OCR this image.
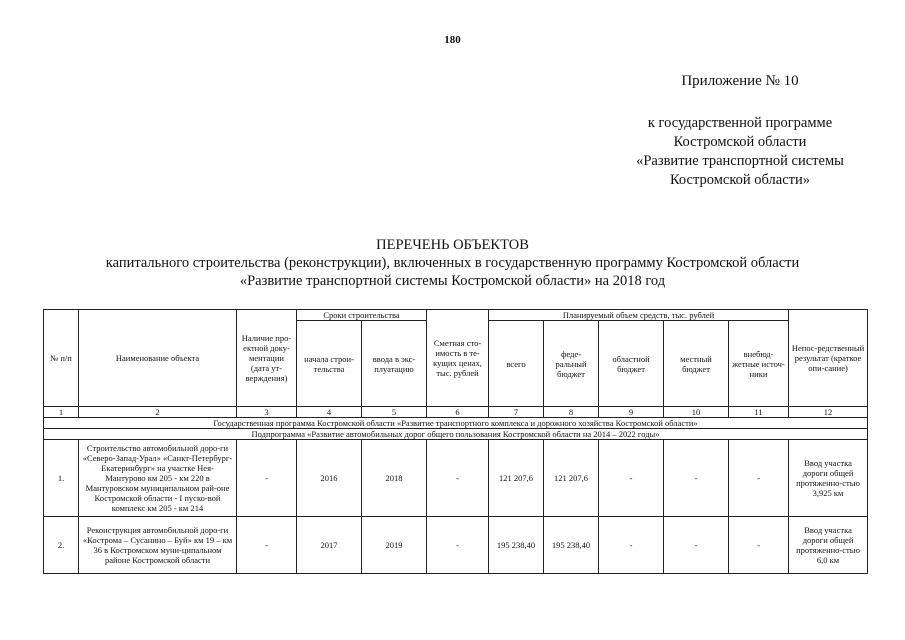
180
Приложение № 10
к государственной программе
Костромской области
«Развитие транспортной системы
Костромской области»
ПЕРЕЧЕНЬ ОБЪЕКТОВ
капитального строительства (реконструкции), включенных в государственную программу Костромской области
«Развитие транспортной системы Костромской области» на 2018 год
№ п/п	Наименование объекта	Наличие про-ектной доку-ментации (дата ут-верждения)	Сроки строительства		Сметная сто-имость в те-кущих ценах, тыс. рублей	Планируемый объем средств, тыс. рублей					Непос-редственный результат (краткое опи-сание)
			начала строи-тельства	ввода в экс-плуатацию		всего	феде-ральный бюджет	областной бюджет	местный бюджет	внебюд-жетные источ-ники	
1	2	3	4	5	6	7	8	9	10	11	12
Государственная программа Костромской области «Развитие транспортного комплекса и дорожного хозяйства Костромской области»											
Подпрограмма «Развитие автомобильных дорог общего пользования Костромской области на 2014 – 2022 годы»											
1.	Строительство автомобильной доро-ги «Северо-Запад-Урал» «Санкт-Петербург-Екатеринбург» на участке Нея-Мантурово км 205 - км 220 в Мантуровском муниципальном рай-оне Костромской области - I пуско-вой комплекс км 205 - км 214	-	2016	2018	-	121 207,6	121 207,6	-	-	-	Ввод участка дороги общей протяженно-стью 3,925 км
2.	Реконструкция автомобильной доро-ги «Кострома – Сусанино – Буй» км 19 – км 36 в Костромском муни-ципальном районе Костромской области	-	2017	2019	-	195 238,40	195 238,40	-	-	-	Ввод участка дороги общей протяженно-стью 6,0 км
